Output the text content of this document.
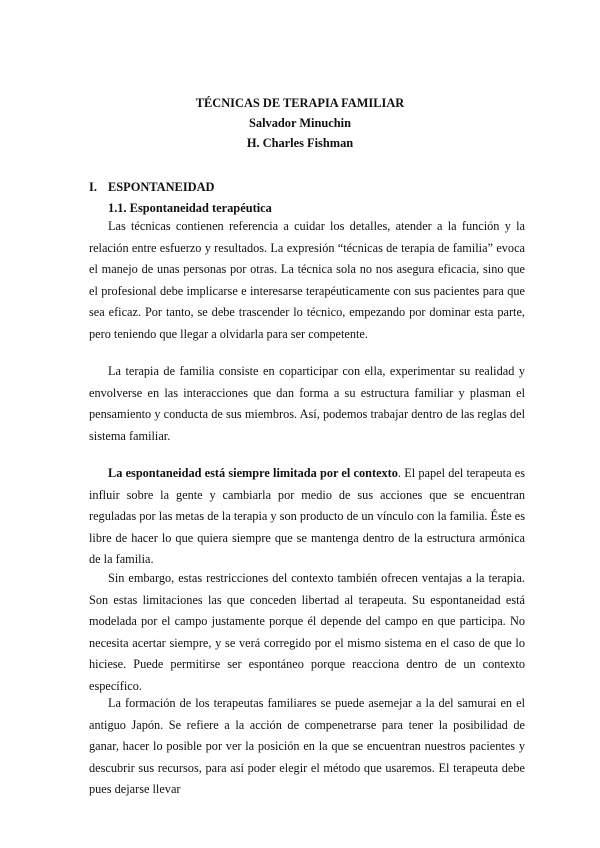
TÉCNICAS DE TERAPIA FAMILIAR
Salvador Minuchin
H. Charles Fishman
I. ESPONTANEIDAD
1.1. Espontaneidad terapéutica

Las técnicas contienen referencia a cuidar los detalles, atender a la función y la relación entre esfuerzo y resultados. La expresión “técnicas de terapia de familia” evoca el manejo de unas personas por otras. La técnica sola no nos asegura eficacia, sino que el profesional debe implicarse e interesarse terapéuticamente con sus pacientes para que sea eficaz. Por tanto, se debe trascender lo técnico, empezando por dominar esta parte, pero teniendo que llegar a olvidarla para ser competente.

La terapia de familia consiste en coparticipar con ella, experimentar su realidad y envolverse en las interacciones que dan forma a su estructura familiar y plasman el pensamiento y conducta de sus miembros. Así, podemos trabajar dentro de las reglas del sistema familiar.

La espontaneidad está siempre limitada por el contexto. El papel del terapeuta es influir sobre la gente y cambiarla por medio de sus acciones que se encuentran reguladas por las metas de la terapia y son producto de un vínculo con la familia. Éste es libre de hacer lo que quiera siempre que se mantenga dentro de la estructura armónica de la familia.

Sin embargo, estas restricciones del contexto también ofrecen ventajas a la terapia. Son estas limitaciones las que conceden libertad al terapeuta. Su espontaneidad está modelada por el campo justamente porque él depende del campo en que participa. No necesita acertar siempre, y se verá corregido por el mismo sistema en el caso de que lo hiciese. Puede permitirse ser espontáneo porque reacciona dentro de un contexto específico.

La formación de los terapeutas familiares se puede asemejar a la del samurai en el antiguo Japón. Se refiere a la acción de compenetrarse para tener la posibilidad de ganar, hacer lo posible por ver la posición en la que se encuentran nuestros pacientes y descubrir sus recursos, para así poder elegir el método que usaremos. El terapeuta debe pues dejarse llevar
